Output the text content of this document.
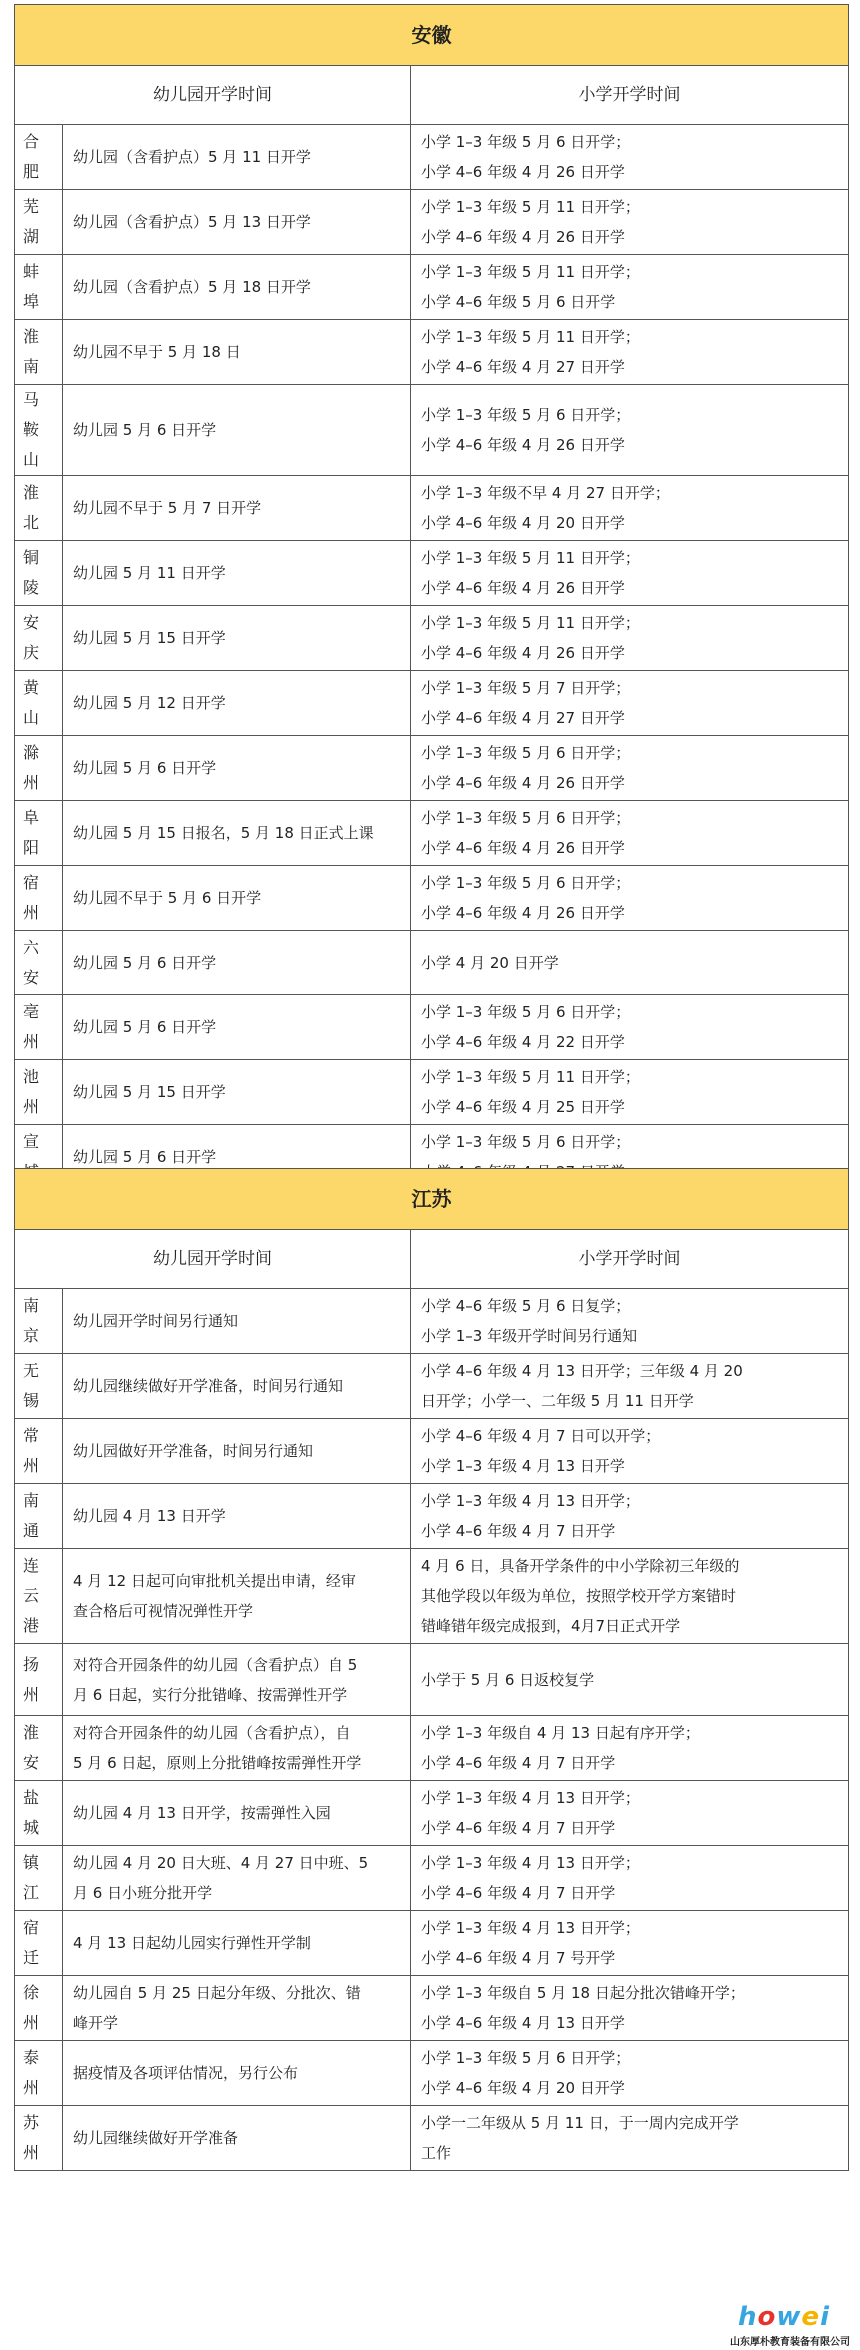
安徽		
幼儿园开学时间		小学开学时间
合肥	幼儿园（含看护点）5 月 11 日开学	小学 1–3 年级 5 月 6 日开学；
小学 4–6 年级 4 月 26 日开学

芜湖	幼儿园（含看护点）5 月 13 日开学	小学 1–3 年级 5 月 11 日开学；
小学 4–6 年级 4 月 26 日开学

蚌埠	幼儿园（含看护点）5 月 18 日开学	小学 1–3 年级 5 月 11 日开学；
小学 4–6 年级 5 月 6 日开学

淮南	幼儿园不早于 5 月 18 日	小学 1–3 年级 5 月 11 日开学；
小学 4–6 年级 4 月 27 日开学

马鞍山	幼儿园 5 月 6 日开学	小学 1–3 年级 5 月 6 日开学；
小学 4–6 年级 4 月 26 日开学

淮北	幼儿园不早于 5 月 7 日开学	小学 1–3 年级不早 4 月 27 日开学；
小学 4–6 年级 4 月 20 日开学

铜陵	幼儿园 5 月 11 日开学	小学 1–3 年级 5 月 11 日开学；
小学 4–6 年级 4 月 26 日开学

安庆	幼儿园 5 月 15 日开学	小学 1–3 年级 5 月 11 日开学；
小学 4–6 年级 4 月 26 日开学

黄山	幼儿园 5 月 12 日开学	小学 1–3 年级 5 月 7 日开学；
小学 4–6 年级 4 月 27 日开学

滁州	幼儿园 5 月 6 日开学	小学 1–3 年级 5 月 6 日开学；
小学 4–6 年级 4 月 26 日开学

阜阳	幼儿园 5 月 15 日报名，5 月 18 日正式上课	小学 1–3 年级 5 月 6 日开学；
小学 4–6 年级 4 月 26 日开学

宿州	幼儿园不早于 5 月 6 日开学	小学 1–3 年级 5 月 6 日开学；
小学 4–6 年级 4 月 26 日开学

六安	幼儿园 5 月 6 日开学	小学 4 月 20 日开学

亳州	幼儿园 5 月 6 日开学	小学 1–3 年级 5 月 6 日开学；
小学 4–6 年级 4 月 22 日开学

池州	幼儿园 5 月 15 日开学	小学 1–3 年级 5 月 11 日开学；
小学 4–6 年级 4 月 25 日开学

宣	幼儿园 5 月 6 日开学	小学 1–3 年级 5 月 6 日开学；
江苏		
幼儿园开学时间		小学开学时间
南京	幼儿园开学时间另行通知	小学 4–6 年级 5 月 6 日复学；
小学 1–3 年级开学时间另行通知

无锡	幼儿园继续做好开学准备，时间另行通知	小学 4–6 年级 4 月 13 日开学；三年级 4 月 20
日开学；小学一、二年级 5 月 11 日开学

常州	幼儿园做好开学准备，时间另行通知	小学 4–6 年级 4 月 7 日可以开学；
小学 1–3 年级 4 月 13 日开学

南通	幼儿园 4 月 13 日开学	小学 1–3 年级 4 月 13 日开学；
小学 4–6 年级 4 月 7 日开学

连云港	4 月 12 日起可向审批机关提出申请，经审
查合格后可视情况弹性开学	4 月 6 日，具备开学条件的中小学除初三年级的
其他学段以年级为单位，按照学校开学方案错时
错峰错年级完成报到，4月7日正式开学

扬州	对符合开园条件的幼儿园（含看护点）自 5
月 6 日起，实行分批错峰、按需弹性开学	小学于 5 月 6 日返校复学

淮安	对符合开园条件的幼儿园（含看护点），自
5 月 6 日起，原则上分批错峰按需弹性开学	小学 1–3 年级自 4 月 13 日起有序开学；
小学 4–6 年级 4 月 7 日开学

盐城	幼儿园 4 月 13 日开学，按需弹性入园	小学 1–3 年级 4 月 13 日开学；
小学 4–6 年级 4 月 7 日开学

镇江	幼儿园 4 月 20 日大班、4 月 27 日中班、5
月 6 日小班分批开学	小学 1–3 年级 4 月 13 日开学；
小学 4–6 年级 4 月 7 日开学

宿迁	4 月 13 日起幼儿园实行弹性开学制	小学 1–3 年级 4 月 13 日开学；
小学 4–6 年级 4 月 7 号开学

徐州	幼儿园自 5 月 25 日起分年级、分批次、错
峰开学	小学 1–3 年级自 5 月 18 日起分批次错峰开学；
小学 4–6 年级 4 月 13 日开学

泰州	据疫情及各项评估情况，另行公布	小学 1–3 年级 5 月 6 日开学；
小学 4–6 年级 4 月 20 日开学

苏州	幼儿园继续做好开学准备	小学一二年级从 5 月 11 日，于一周内完成开学
工作
howei
山东厚朴教育装备有限公司
